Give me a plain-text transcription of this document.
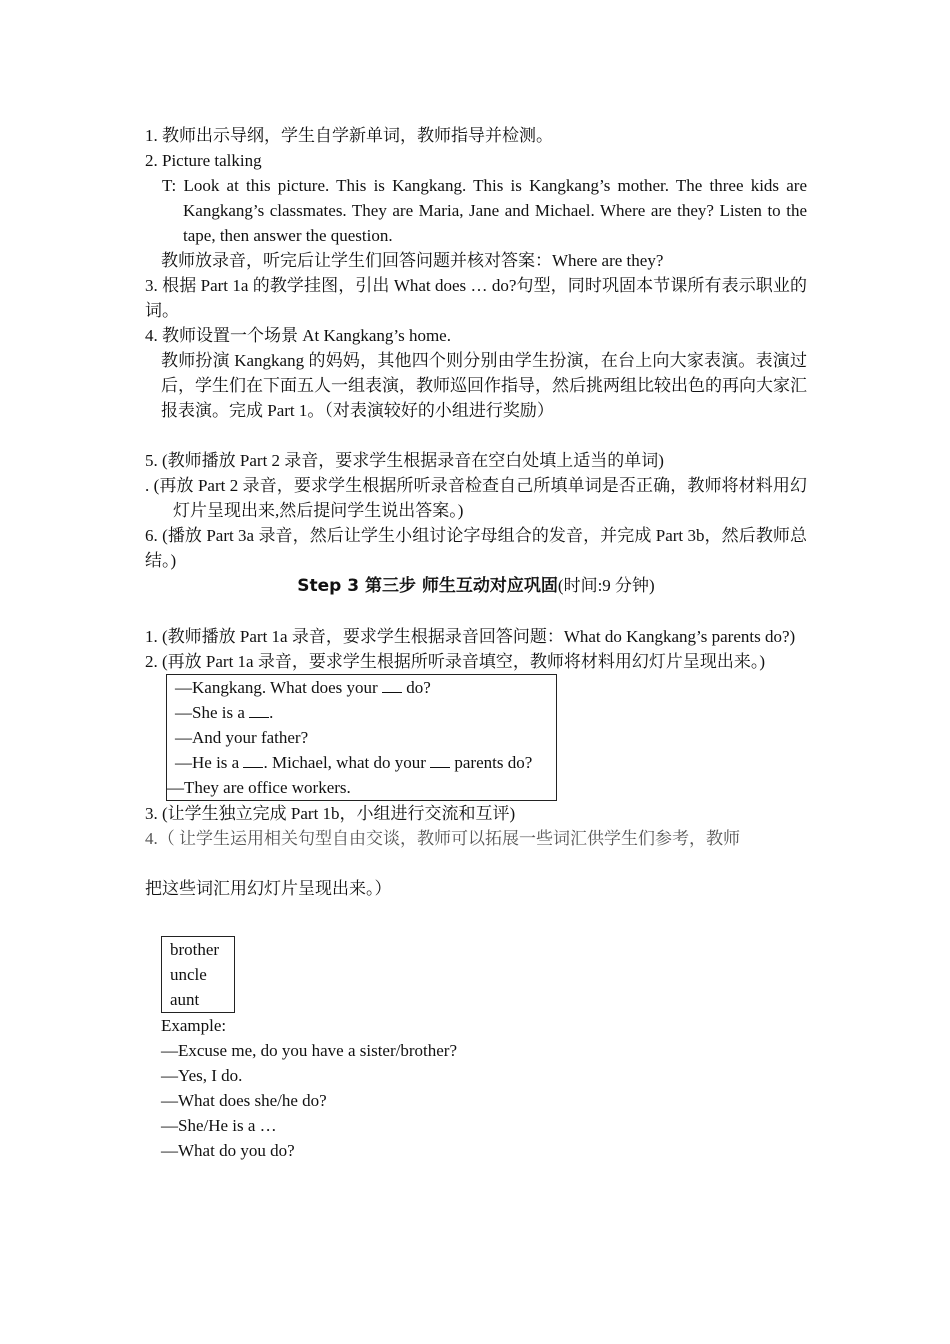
1. 教师出示导纲，学生自学新单词，教师指导并检测。
2. Picture talking
T: Look at this picture. This is Kangkang. This is Kangkang’s mother. The three kids are Kangkang’s classmates. They are Maria, Jane and Michael. Where are they? Listen to the tape, then answer the question.
教师放录音，听完后让学生们回答问题并核对答案：Where are they?
3. 根据 Part 1a 的教学挂图，引出 What does … do?句型，同时巩固本节课所有表示职业的词。
4. 教师设置一个场景 At Kangkang’s home.
教师扮演 Kangkang 的妈妈，其他四个则分别由学生扮演，在台上向大家表演。表演过后，学生们在下面五人一组表演，教师巡回作指导，然后挑两组比较出色的再向大家汇报表演。完成 Part 1。（对表演较好的小组进行奖励）
5. (教师播放 Part 2 录音，要求学生根据录音在空白处填上适当的单词)
. (再放 Part 2 录音，要求学生根据所听录音检查自己所填单词是否正确，教师将材料用幻灯片呈现出来,然后提问学生说出答案。)
6. (播放 Part 3a 录音，然后让学生小组讨论字母组合的发音，并完成 Part 3b，然后教师总结。)
Step 3 第三步 师生互动对应巩固(时间:9 分钟)
1. (教师播放 Part 1a 录音，要求学生根据录音回答问题：What do Kangkang’s parents do?)
2. (再放 Part 1a 录音，要求学生根据所听录音填空，教师将材料用幻灯片呈现出来。)
—Kangkang. What does your  do?
—She is a .
—And your father?
—He is a . Michael, what do your  parents do?
—They are office workers.
3. (让学生独立完成 Part 1b，小组进行交流和互评)
4.（ 让学生运用相关句型自由交谈，教师可以拓展一些词汇供学生们参考，教师
把这些词汇用幻灯片呈现出来。）
brother
uncle
aunt
Example:
—Excuse me, do you have a sister/brother?
—Yes, I do.
—What does she/he do?
—She/He is a …
—What do you do?
